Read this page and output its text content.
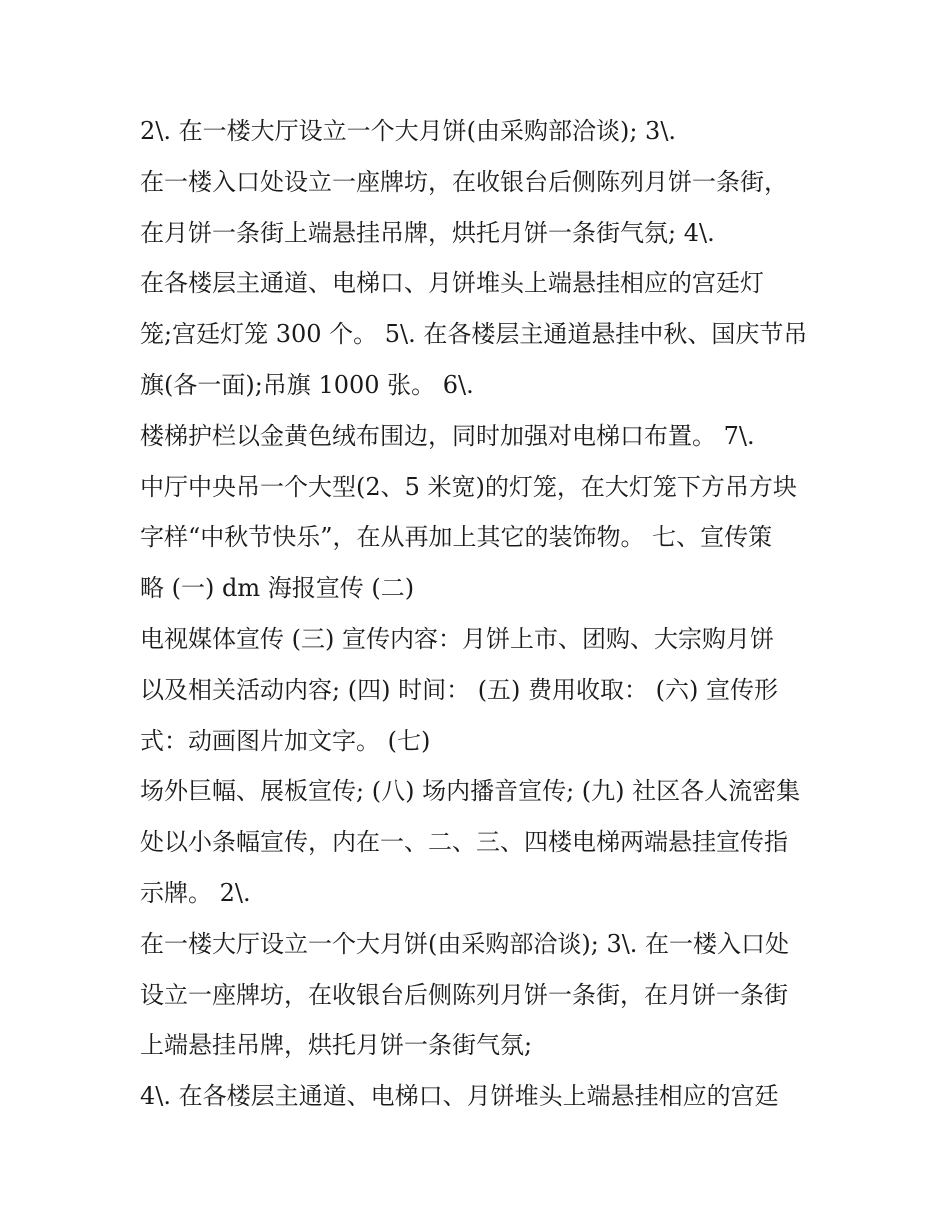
2\. 在一楼大厅设立一个大月饼(由采购部洽谈); 3\.
在一楼入口处设立一座牌坊，在收银台后侧陈列月饼一条街，
在月饼一条街上端悬挂吊牌，烘托月饼一条街气氛; 4\.
在各楼层主通道、电梯口、月饼堆头上端悬挂相应的宫廷灯
笼;宫廷灯笼 300 个。 5\. 在各楼层主通道悬挂中秋、国庆节吊
旗(各一面);吊旗 1000 张。 6\.
楼梯护栏以金黄色绒布围边，同时加强对电梯口布置。 7\.
中厅中央吊一个大型(2、5 米宽)的灯笼，在大灯笼下方吊方块
字样“中秋节快乐”，在从再加上其它的装饰物。 七、宣传策
略 (一) dm 海报宣传 (二)
电视媒体宣传 (三) 宣传内容：月饼上市、团购、大宗购月饼
以及相关活动内容; (四) 时间： (五) 费用收取： (六) 宣传形
式：动画图片加文字。 (七)
场外巨幅、展板宣传; (八) 场内播音宣传; (九) 社区各人流密集
处以小条幅宣传，内在一、二、三、四楼电梯两端悬挂宣传指
示牌。 2\.
在一楼大厅设立一个大月饼(由采购部洽谈); 3\. 在一楼入口处
设立一座牌坊，在收银台后侧陈列月饼一条街，在月饼一条街
上端悬挂吊牌，烘托月饼一条街气氛;
4\. 在各楼层主通道、电梯口、月饼堆头上端悬挂相应的宫廷
